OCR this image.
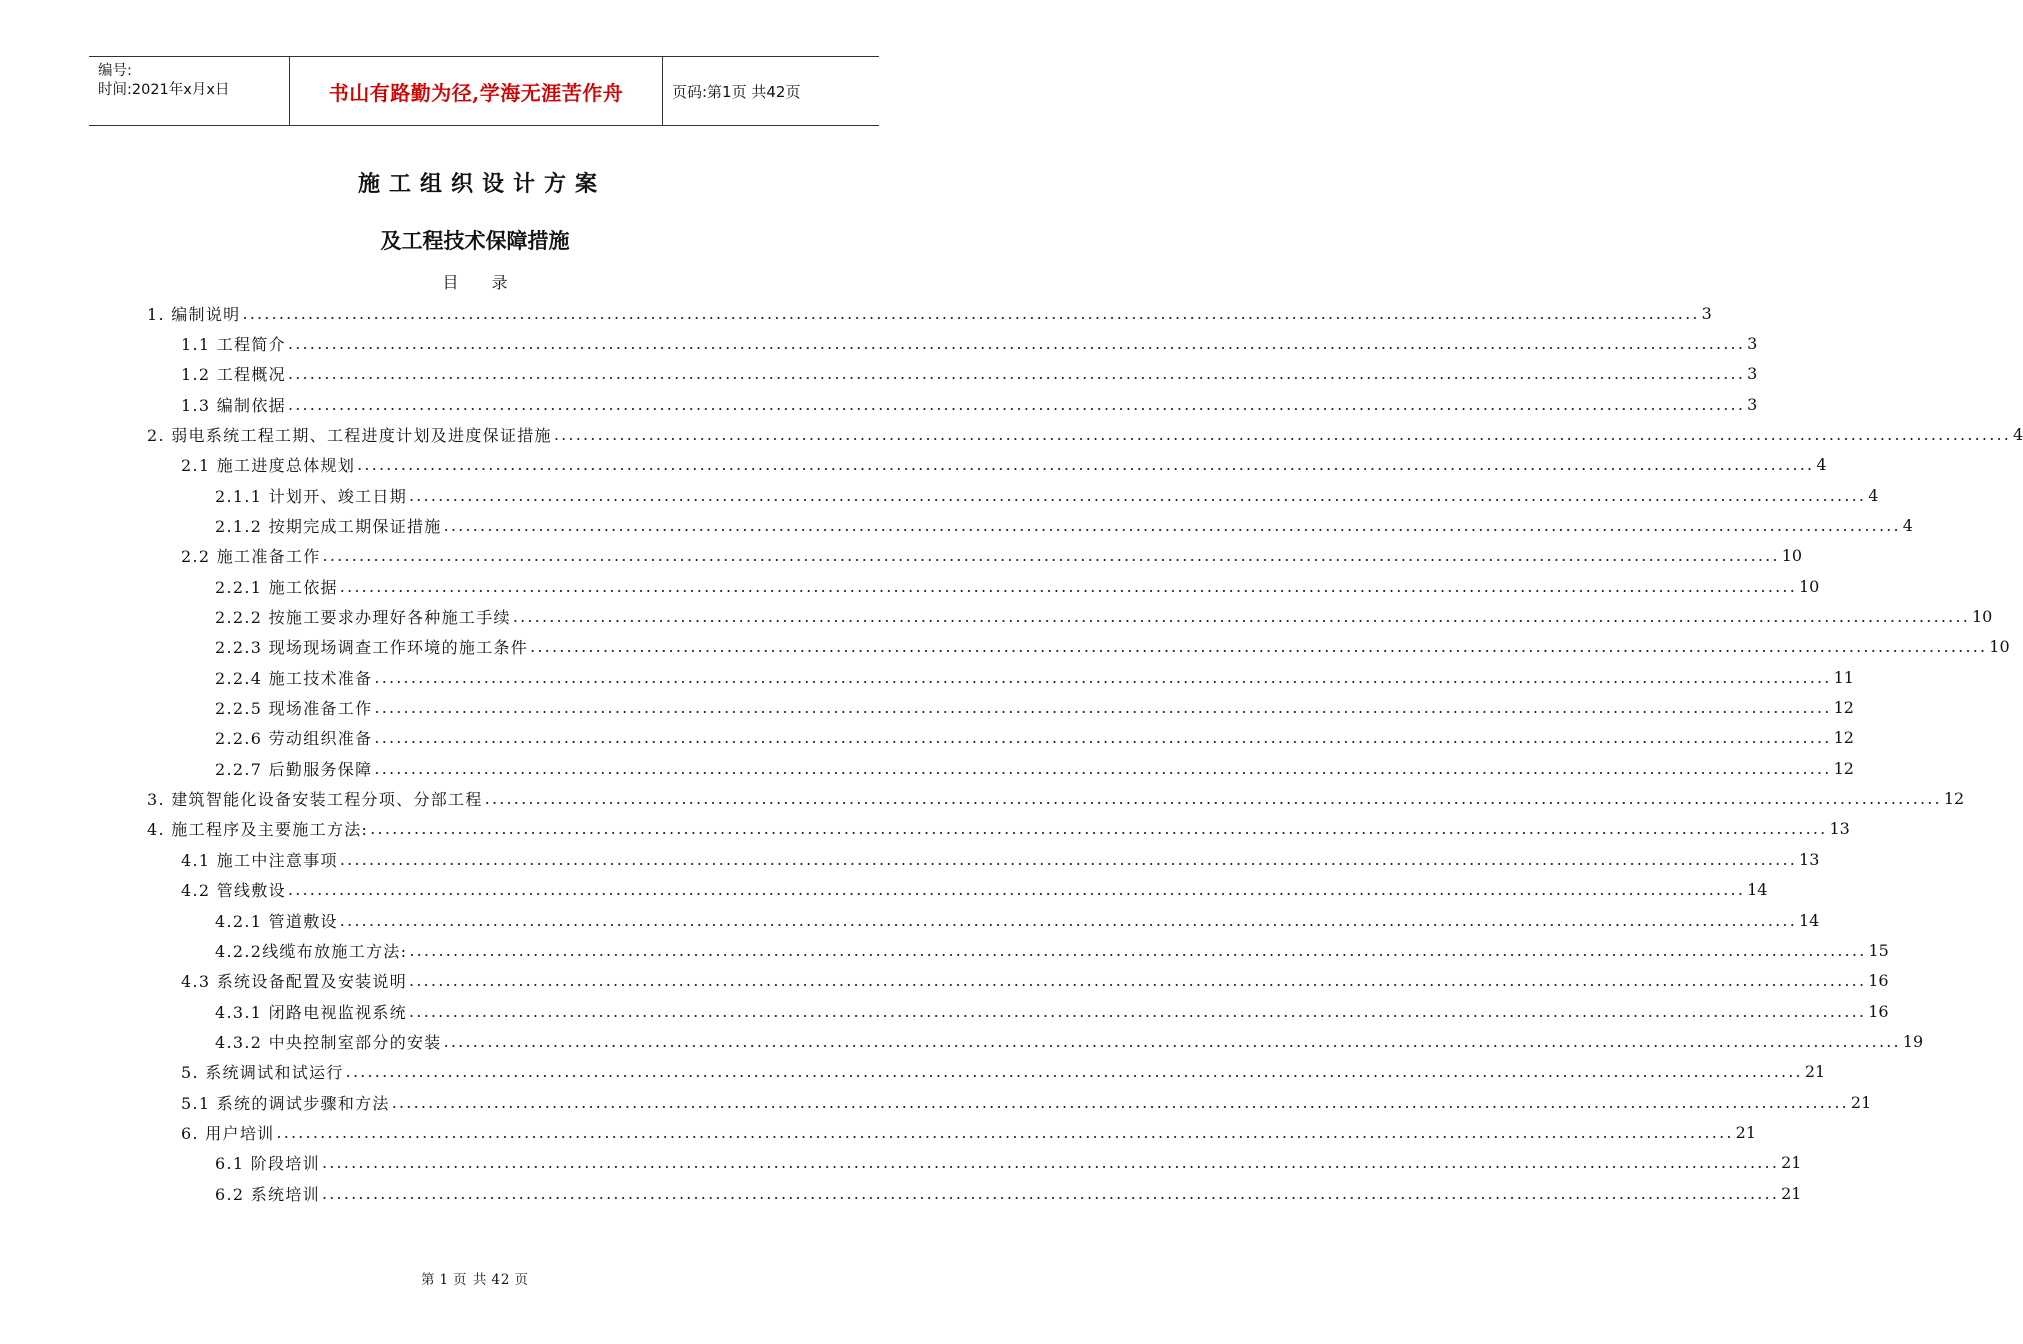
编号:
时间:2021年x月x日	书山有路勤为径,学海无涯苦作舟	页码:第1页 共42页
施工组织设计方案
及工程技术保障措施
目 录
1. 编制说明 ........................................................................................................................................................................................................ 3
1.1 工程简介 ........................................................................................................................................................................................................ 3
1.2 工程概况 ........................................................................................................................................................................................................ 3
1.3 编制依据 ........................................................................................................................................................................................................ 3
2. 弱电系统工程工期、工程进度计划及进度保证措施 ........................................................................................................................................................................................................ 4
2.1 施工进度总体规划 ........................................................................................................................................................................................................ 4
2.1.1 计划开、竣工日期 ........................................................................................................................................................................................................ 4
2.1.2 按期完成工期保证措施 ........................................................................................................................................................................................................ 4
2.2 施工准备工作 ........................................................................................................................................................................................................ 10
2.2.1 施工依据 ........................................................................................................................................................................................................ 10
2.2.2 按施工要求办理好各种施工手续 ........................................................................................................................................................................................................ 10
2.2.3 现场现场调查工作环境的施工条件 ........................................................................................................................................................................................................ 10
2.2.4 施工技术准备 ........................................................................................................................................................................................................ 11
2.2.5 现场准备工作 ........................................................................................................................................................................................................ 12
2.2.6 劳动组织准备 ........................................................................................................................................................................................................ 12
2.2.7 后勤服务保障 ........................................................................................................................................................................................................ 12
3. 建筑智能化设备安装工程分项、分部工程 ........................................................................................................................................................................................................ 12
4. 施工程序及主要施工方法: ........................................................................................................................................................................................................ 13
4.1 施工中注意事项 ........................................................................................................................................................................................................ 13
4.2 管线敷设 ........................................................................................................................................................................................................ 14
4.2.1 管道敷设 ........................................................................................................................................................................................................ 14
4.2.2线缆布放施工方法: ........................................................................................................................................................................................................ 15
4.3 系统设备配置及安装说明 ........................................................................................................................................................................................................ 16
4.3.1 闭路电视监视系统 ........................................................................................................................................................................................................ 16
4.3.2 中央控制室部分的安装 ........................................................................................................................................................................................................ 19
5. 系统调试和试运行 ........................................................................................................................................................................................................ 21
5.1 系统的调试步骤和方法 ........................................................................................................................................................................................................ 21
6. 用户培训 ........................................................................................................................................................................................................ 21
6.1 阶段培训 ........................................................................................................................................................................................................ 21
6.2 系统培训 ........................................................................................................................................................................................................ 21
第 1 页 共 42 页
